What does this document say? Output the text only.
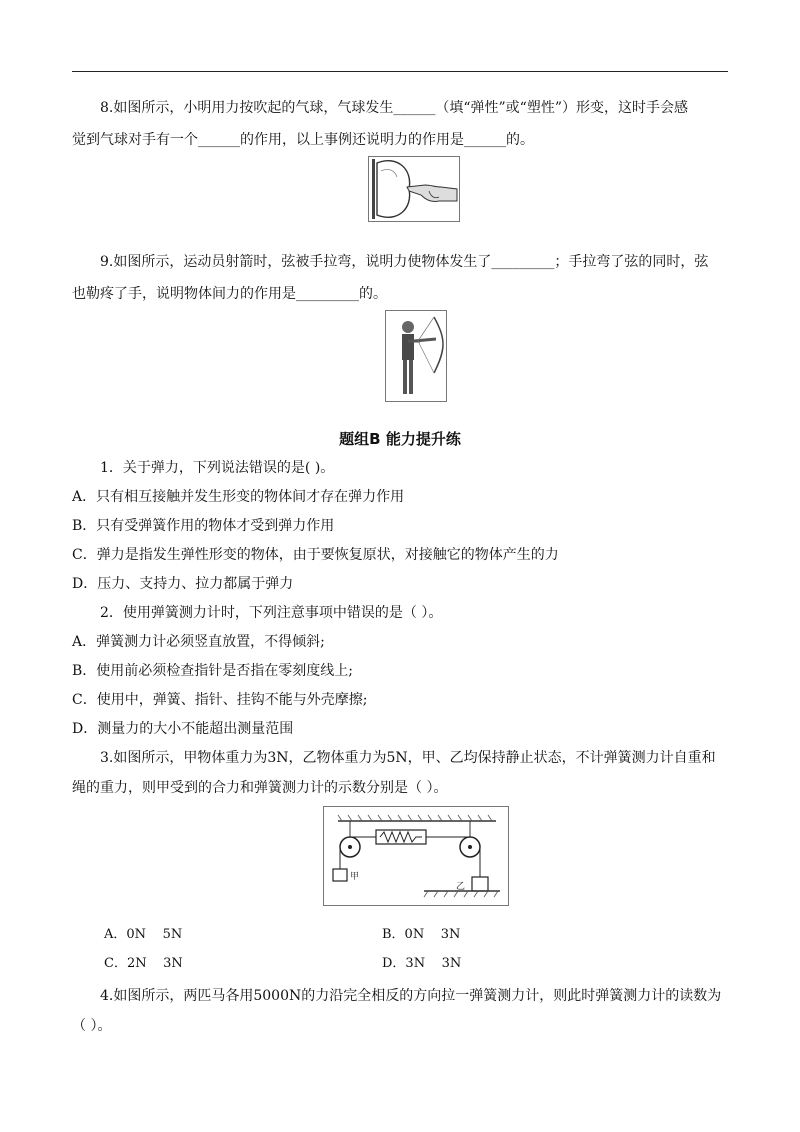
8.如图所示，小明用力按吹起的气球，气球发生______（填“弹性”或“塑性”）形变，这时手会感
觉到气球对手有一个______的作用，以上事例还说明力的作用是______的。
9.如图所示，运动员射箭时，弦被手拉弯，说明力使物体发生了_________；手拉弯了弦的同时，弦
也勒疼了手，说明物体间力的作用是_________的。
题组B 能力提升练
1．关于弹力，下列说法错误的是( )。
A．只有相互接触并发生形变的物体间才存在弹力作用
B．只有受弹簧作用的物体才受到弹力作用
C．弹力是指发生弹性形变的物体，由于要恢复原状，对接触它的物体产生的力
D．压力、支持力、拉力都属于弹力
2．使用弹簧测力计时，下列注意事项中错误的是（ ）。
A．弹簧测力计必须竖直放置，不得倾斜;
B．使用前必须检查指针是否指在零刻度线上;
C．使用中，弹簧、指针、挂钩不能与外壳摩擦;
D．测量力的大小不能超出测量范围
3.如图所示，甲物体重力为3N，乙物体重力为5N，甲、乙均保持静止状态，不计弹簧测力计自重和
绳的重力，则甲受到的合力和弹簧测力计的示数分别是（ ）。
甲
乙
A．0N    5N	B．0N    3N
C．2N    3N	D．3N    3N
4.如图所示，两匹马各用5000N的力沿完全相反的方向拉一弹簧测力计，则此时弹簧测力计的读数为
（ ）。
